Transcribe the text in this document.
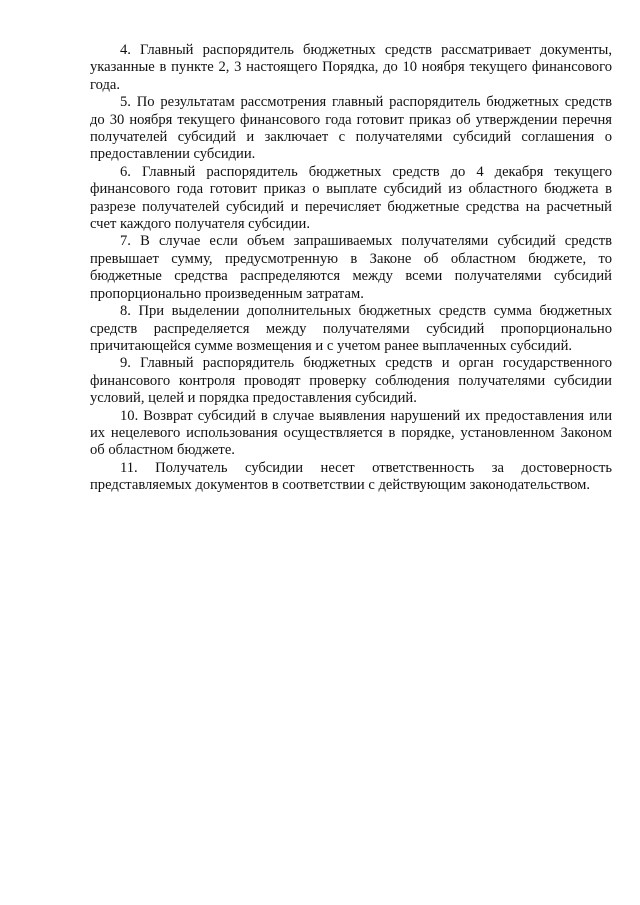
4. Главный распорядитель бюджетных средств рассматривает документы, указанные в пункте 2, 3 настоящего Порядка, до 10 ноября текущего финансового года.

5. По результатам рассмотрения главный распорядитель бюджетных средств до 30 ноября текущего финансового года готовит приказ об утверждении перечня получателей субсидий и заключает с получателями субсидий соглашения о предоставлении субсидии.

6. Главный распорядитель бюджетных средств до 4 декабря текущего финансового года готовит приказ о выплате субсидий из областного бюджета в разрезе получателей субсидий и перечисляет бюджетные средства на расчетный счет каждого получателя субсидии.

7. В случае если объем запрашиваемых получателями субсидий средств превышает сумму, предусмотренную в Законе об областном бюджете, то бюджетные средства распределяются между всеми получателями субсидий пропорционально произведенным затратам.

8. При выделении дополнительных бюджетных средств сумма бюджетных средств распределяется между получателями субсидий пропорционально причитающейся сумме возмещения и с учетом ранее выплаченных субсидий.

9. Главный распорядитель бюджетных средств и орган государственного финансового контроля проводят проверку соблюдения получателями субсидии условий, целей и порядка предоставления субсидий.

10. Возврат субсидий в случае выявления нарушений их предоставления или их нецелевого использования осуществляется в порядке, установленном Законом об областном бюджете.

11. Получатель субсидии несет ответственность за достоверность представляемых документов в соответствии с действующим законодательством.
